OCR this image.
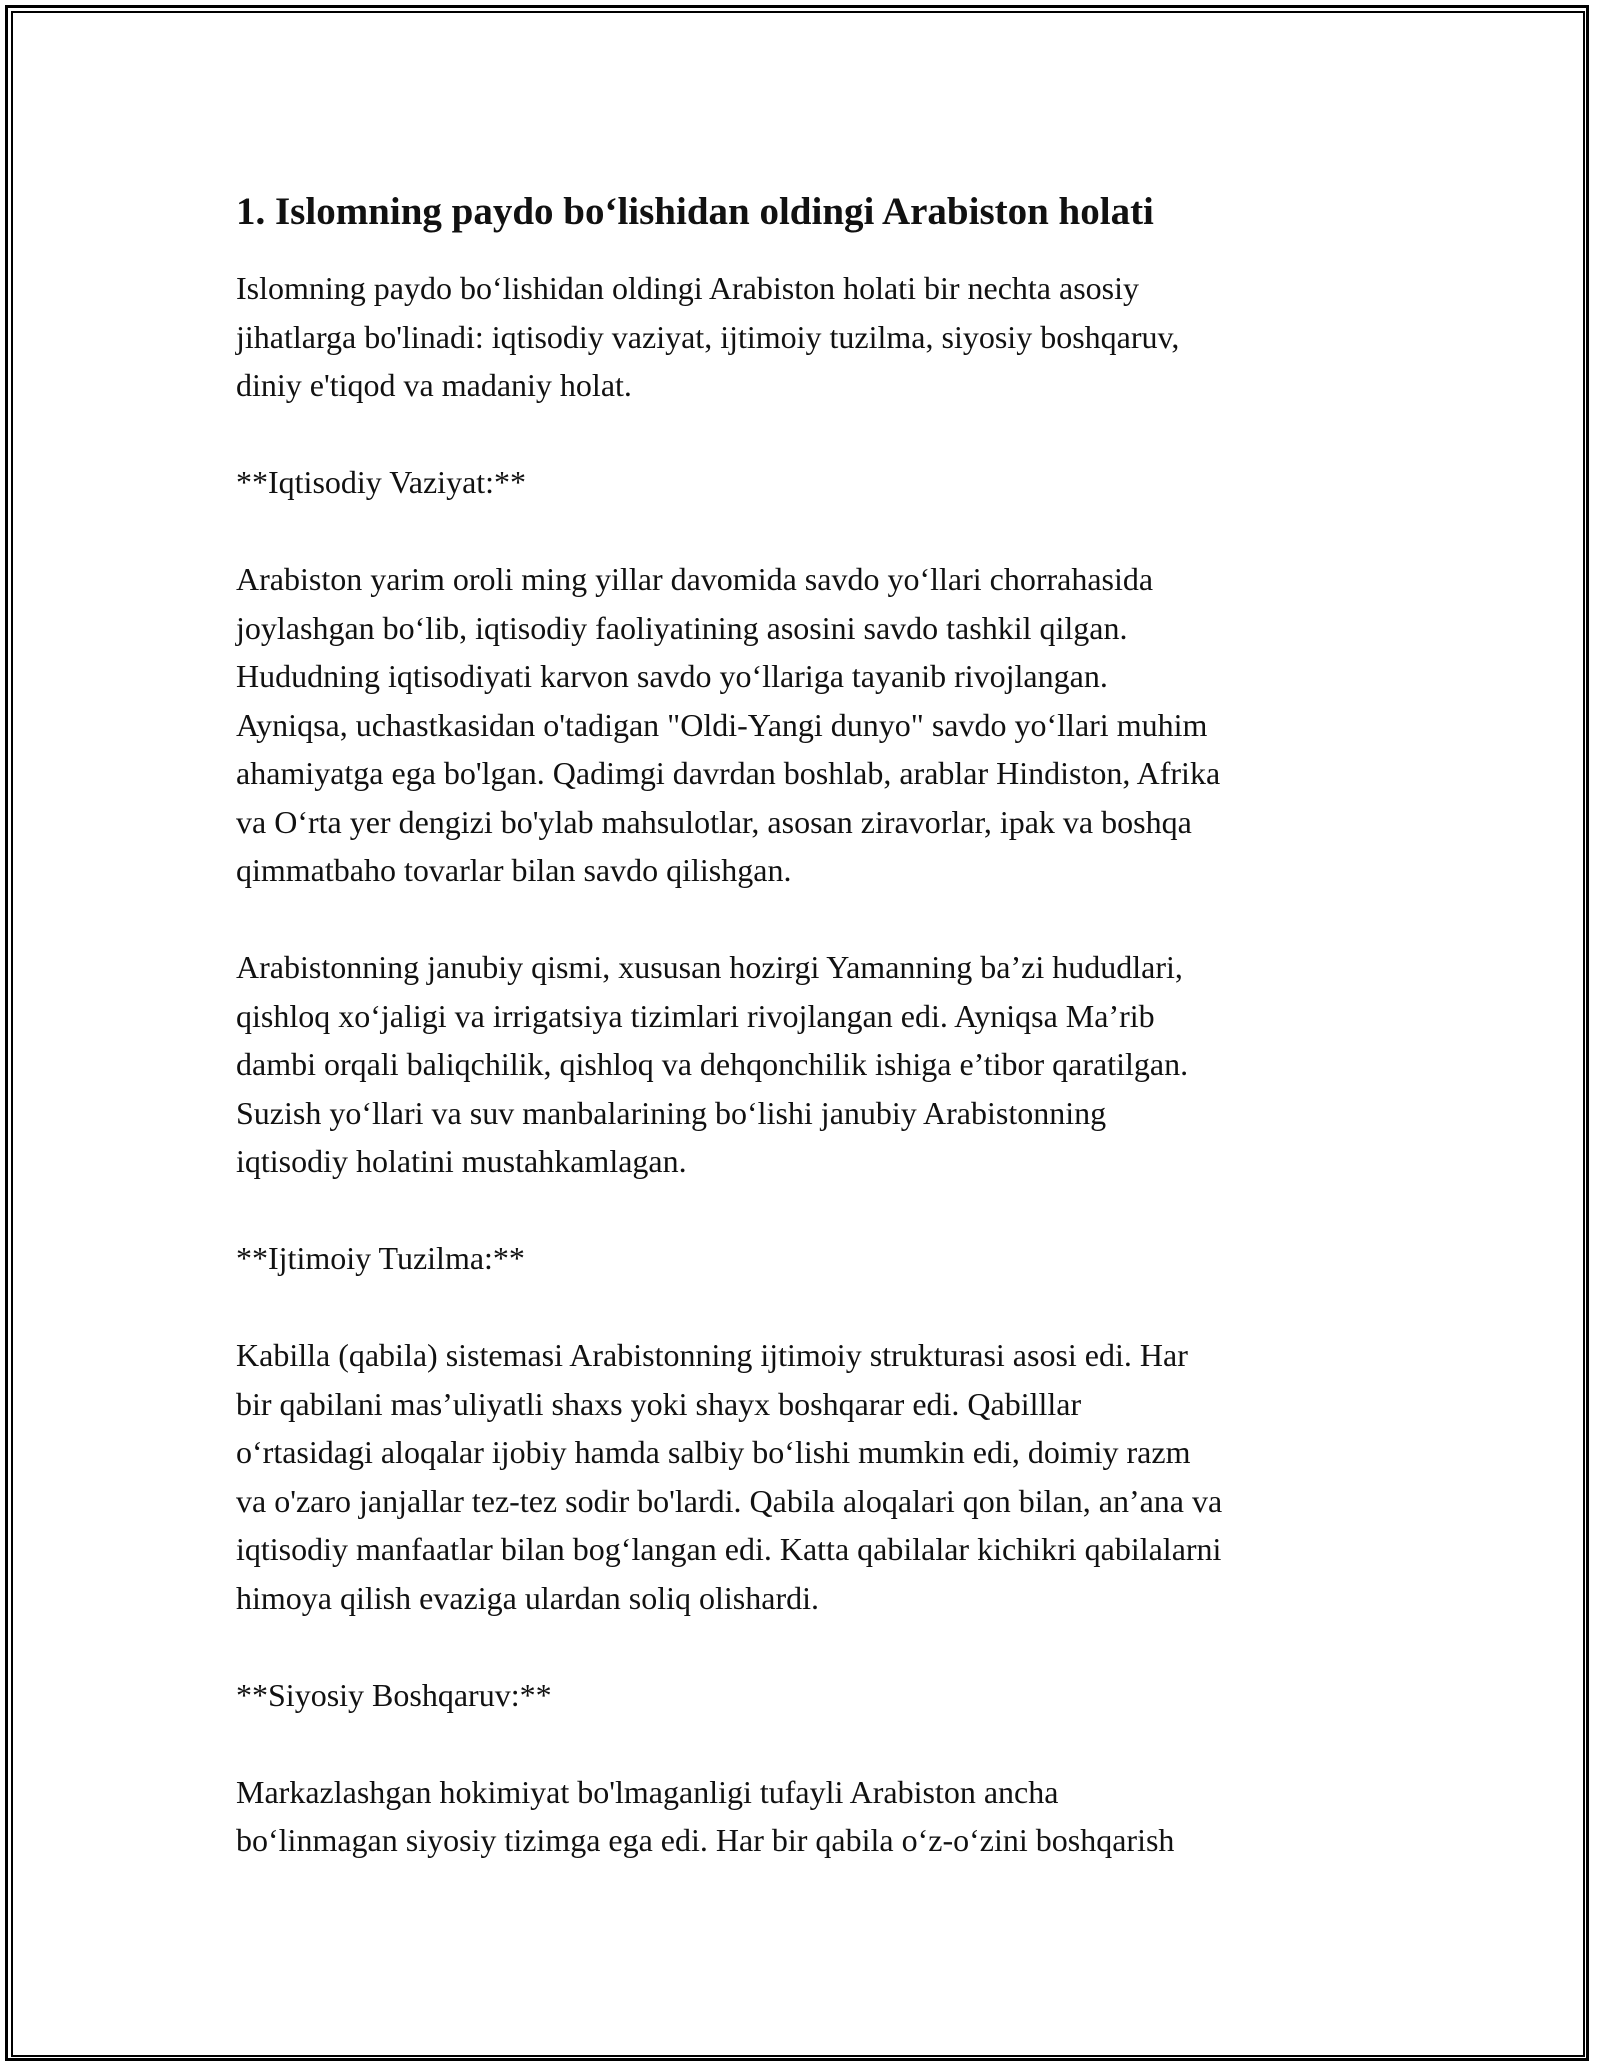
1. Islomning paydo bo‘lishidan oldingi Arabiston holati

Islomning paydo bo‘lishidan oldingi Arabiston holati bir nechta asosiy
jihatlarga bo'linadi: iqtisodiy vaziyat, ijtimoiy tuzilma, siyosiy boshqaruv,
diniy e'tiqod va madaniy holat.

**Iqtisodiy Vaziyat:**

Arabiston yarim oroli ming yillar davomida savdo yo‘llari chorrahasida
joylashgan bo‘lib, iqtisodiy faoliyatining asosini savdo tashkil qilgan.
Hududning iqtisodiyati karvon savdo yo‘llariga tayanib rivojlangan.
Ayniqsa, uchastkasidan o'tadigan "Oldi-Yangi dunyo" savdo yo‘llari muhim
ahamiyatga ega bo'lgan. Qadimgi davrdan boshlab, arablar Hindiston, Afrika
va O‘rta yer dengizi bo'ylab mahsulotlar, asosan ziravorlar, ipak va boshqa
qimmatbaho tovarlar bilan savdo qilishgan.

Arabistonning janubiy qismi, xususan hozirgi Yamanning ba’zi hududlari,
qishloq xo‘jaligi va irrigatsiya tizimlari rivojlangan edi. Ayniqsa Ma’rib
dambi orqali baliqchilik, qishloq va dehqonchilik ishiga e’tibor qaratilgan.
Suzish yo‘llari va suv manbalarining bo‘lishi janubiy Arabistonning
iqtisodiy holatini mustahkamlagan.

**Ijtimoiy Tuzilma:**

Kabilla (qabila) sistemasi Arabistonning ijtimoiy strukturasi asosi edi. Har
bir qabilani mas’uliyatli shaxs yoki shayx boshqarar edi. Qabilllar
o‘rtasidagi aloqalar ijobiy hamda salbiy bo‘lishi mumkin edi, doimiy razm
va o'zaro janjallar tez-tez sodir bo'lardi. Qabila aloqalari qon bilan, an’ana va
iqtisodiy manfaatlar bilan bog‘langan edi. Katta qabilalar kichikri qabilalarni
himoya qilish evaziga ulardan soliq olishardi.

**Siyosiy Boshqaruv:**

Markazlashgan hokimiyat bo'lmaganligi tufayli Arabiston ancha
bo‘linmagan siyosiy tizimga ega edi. Har bir qabila o‘z-o‘zini boshqarish
